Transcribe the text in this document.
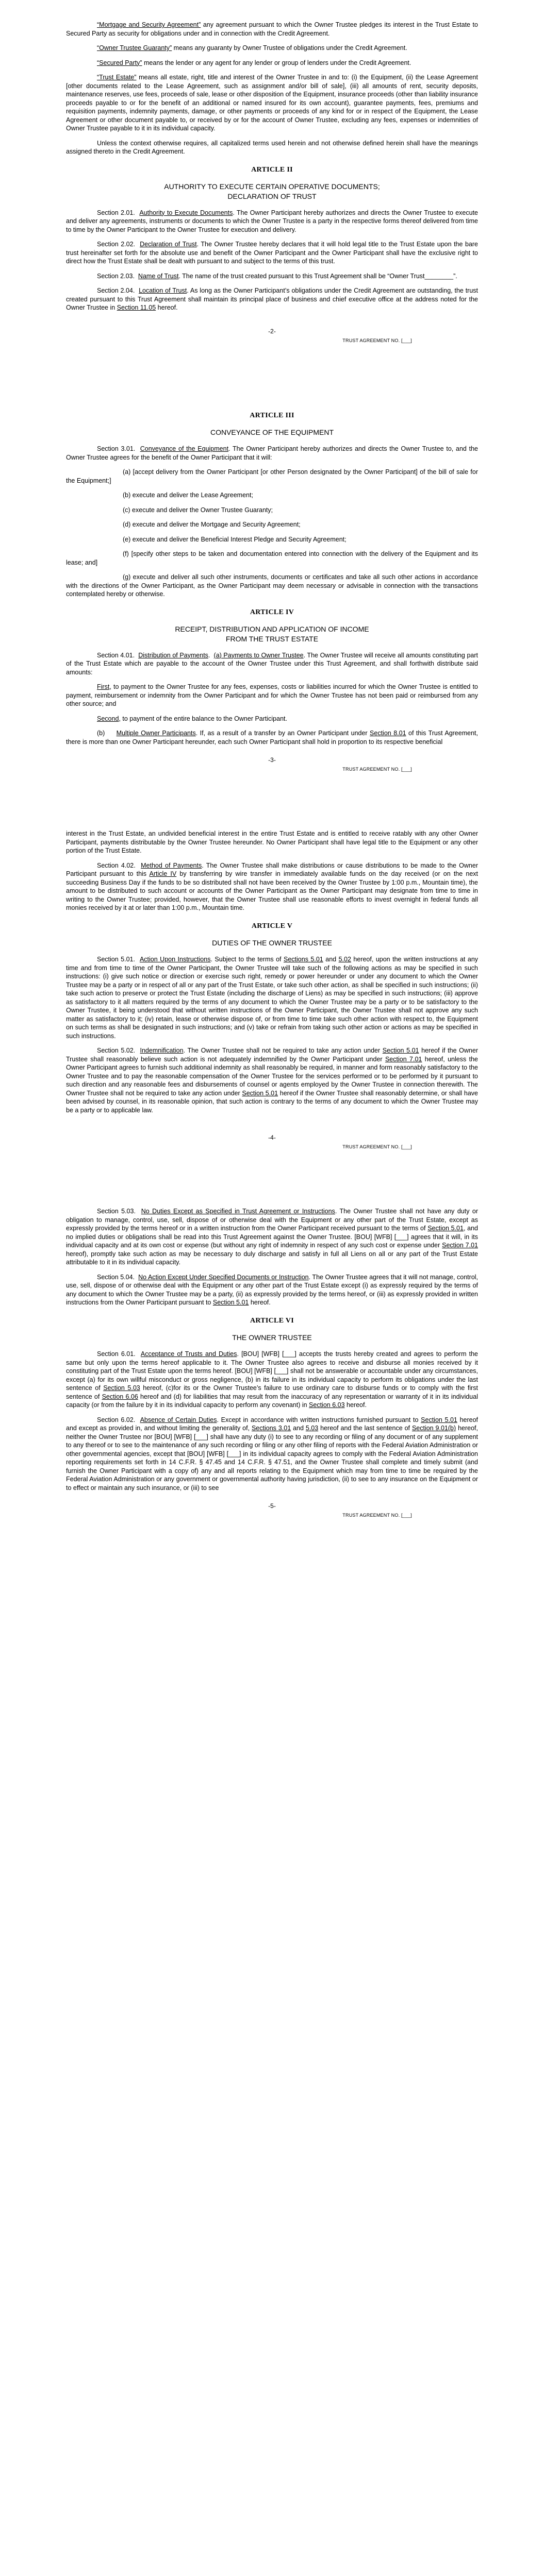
“Mortgage and Security Agreement” any agreement pursuant to which the Owner Trustee pledges its interest in the Trust Estate to Secured Party as security for obligations under and in connection with the Credit Agreement.

“Owner Trustee Guaranty” means any guaranty by Owner Trustee of obligations under the Credit Agreement.

“Secured Party” means the lender or any agent for any lender or group of lenders under the Credit Agreement.

“Trust Estate” means all estate, right, title and interest of the Owner Trustee in and to: (i) the Equipment, (ii) the Lease Agreement [other documents related to the Lease Agreement, such as assignment and/or bill of sale], (iii) all amounts of rent, security deposits, maintenance reserves, use fees, proceeds of sale, lease or other disposition of the Equipment, insurance proceeds (other than liability insurance proceeds payable to or for the benefit of an additional or named insured for its own account), guarantee payments, fees, premiums and requisition payments, indemnity payments, damage, or other payments or proceeds of any kind for or in respect of the Equipment, the Lease Agreement or other document payable to, or received by or for the account of Owner Trustee, excluding any fees, expenses or indemnities of Owner Trustee payable to it in its individual capacity.

Unless the context otherwise requires, all capitalized terms used herein and not otherwise defined herein shall have the meanings assigned thereto in the Credit Agreement.

ARTICLE II
AUTHORITY TO EXECUTE CERTAIN OPERATIVE DOCUMENTS;
DECLARATION OF TRUST

Section 2.01. Authority to Execute Documents. The Owner Participant hereby authorizes and directs the Owner Trustee to execute and deliver any agreements, instruments or documents to which the Owner Trustee is a party in the respective forms thereof delivered from time to time by the Owner Participant to the Owner Trustee for execution and delivery.

Section 2.02. Declaration of Trust. The Owner Trustee hereby declares that it will hold legal title to the Trust Estate upon the bare trust hereinafter set forth for the absolute use and benefit of the Owner Participant and the Owner Participant shall have the exclusive right to direct how the Trust Estate shall be dealt with pursuant to and subject to the terms of this trust.

Section 2.03. Name of Trust. The name of the trust created pursuant to this Trust Agreement shall be “Owner Trust________”.

Section 2.04. Location of Trust. As long as the Owner Participant’s obligations under the Credit Agreement are outstanding, the trust created pursuant to this Trust Agreement shall maintain its principal place of business and chief executive office at the address noted for the Owner Trustee in Section 11.05 hereof.

-2-
TRUST AGREEMENT NO. [___]
ARTICLE III
CONVEYANCE OF THE EQUIPMENT

Section 3.01. Conveyance of the Equipment. The Owner Participant hereby authorizes and directs the Owner Trustee to, and the Owner Trustee agrees for the benefit of the Owner Participant that it will:

(a) [accept delivery from the Owner Participant [or other Person designated by the Owner Participant] of the bill of sale for the Equipment;]

(b) execute and deliver the Lease Agreement;

(c) execute and deliver the Owner Trustee Guaranty;

(d) execute and deliver the Mortgage and Security Agreement;

(e) execute and deliver the Beneficial Interest Pledge and Security Agreement;

(f) [specify other steps to be taken and documentation entered into connection with the delivery of the Equipment and its lease; and]

(g) execute and deliver all such other instruments, documents or certificates and take all such other actions in accordance with the directions of the Owner Participant, as the Owner Participant may deem necessary or advisable in connection with the transactions contemplated hereby or otherwise.

ARTICLE IV
RECEIPT, DISTRIBUTION AND APPLICATION OF INCOME
FROM THE TRUST ESTATE

Section 4.01. Distribution of Payments.  (a) Payments to Owner Trustee. The Owner Trustee will receive all amounts constituting part of the Trust Estate which are payable to the account of the Owner Trustee under this Trust Agreement, and shall forthwith distribute said amounts:

First, to payment to the Owner Trustee for any fees, expenses, costs or liabilities incurred for which the Owner Trustee is entitled to payment, reimbursement or indemnity from the Owner Participant and for which the Owner Trustee has not been paid or reimbursed from any other source; and

Second, to payment of the entire balance to the Owner Participant.

(b) Multiple Owner Participants. If, as a result of a transfer by an Owner Participant under Section 8.01 of this Trust Agreement, there is more than one Owner Participant hereunder, each such Owner Participant shall hold in proportion to its respective beneficial

-3-
TRUST AGREEMENT NO. [___]

interest in the Trust Estate, an undivided beneficial interest in the entire Trust Estate and is entitled to receive ratably with any other Owner Participant, payments distributable by the Owner Trustee hereunder. No Owner Participant shall have legal title to the Equipment or any other portion of the Trust Estate.

Section 4.02. Method of Payments. The Owner Trustee shall make distributions or cause distributions to be made to the Owner Participant pursuant to this Article IV by transferring by wire transfer in immediately available funds on the day received (or on the next succeeding Business Day if the funds to be so distributed shall not have been received by the Owner Trustee by 1:00 p.m., Mountain time), the amount to be distributed to such account or accounts of the Owner Participant as the Owner Participant may designate from time to time in writing to the Owner Trustee; provided, however, that the Owner Trustee shall use reasonable efforts to invest overnight in federal funds all monies received by it at or later than 1:00 p.m., Mountain time.

ARTICLE V
DUTIES OF THE OWNER TRUSTEE

Section 5.01. Action Upon Instructions. Subject to the terms of Sections 5.01 and 5.02 hereof, upon the written instructions at any time and from time to time of the Owner Participant, the Owner Trustee will take such of the following actions as may be specified in such instructions: (i) give such notice or direction or exercise such right, remedy or power hereunder or under any document to which the Owner Trustee may be a party or in respect of all or any part of the Trust Estate, or take such other action, as shall be specified in such instructions; (ii) take such action to preserve or protect the Trust Estate (including the discharge of Liens) as may be specified in such instructions; (iii) approve as satisfactory to it all matters required by the terms of any document to which the Owner Trustee may be a party or to be satisfactory to the Owner Trustee, it being understood that without written instructions of the Owner Participant, the Owner Trustee shall not approve any such matter as satisfactory to it; (iv) retain, lease or otherwise dispose of, or from time to time take such other action with respect to, the Equipment on such terms as shall be designated in such instructions; and (v) take or refrain from taking such other action or actions as may be specified in such instructions.

Section 5.02. Indemnification. The Owner Trustee shall not be required to take any action under Section 5.01 hereof if the Owner Trustee shall reasonably believe such action is not adequately indemnified by the Owner Participant under Section 7.01 hereof, unless the Owner Participant agrees to furnish such additional indemnity as shall reasonably be required, in manner and form reasonably satisfactory to the Owner Trustee and to pay the reasonable compensation of the Owner Trustee for the services performed or to be performed by it pursuant to such direction and any reasonable fees and disbursements of counsel or agents employed by the Owner Trustee in connection therewith. The Owner Trustee shall not be required to take any action under Section 5.01 hereof if the Owner Trustee shall reasonably determine, or shall have been advised by counsel, in its reasonable opinion, that such action is contrary to the terms of any document to which the Owner Trustee may be a party or to applicable law.

-4-
TRUST AGREEMENT NO. [___]

Section 5.03. No Duties Except as Specified in Trust Agreement or Instructions. The Owner Trustee shall not have any duty or obligation to manage, control, use, sell, dispose of or otherwise deal with the Equipment or any other part of the Trust Estate, except as expressly provided by the terms hereof or in a written instruction from the Owner Participant received pursuant to the terms of Section 5.01, and no implied duties or obligations shall be read into this Trust Agreement against the Owner Trustee. [BOU] [WFB] [___] agrees that it will, in its individual capacity and at its own cost or expense (but without any right of indemnity in respect of any such cost or expense under Section 7.01 hereof), promptly take such action as may be necessary to duly discharge and satisfy in full all Liens on all or any part of the Trust Estate attributable to it in its individual capacity.

Section 5.04. No Action Except Under Specified Documents or Instruction. The Owner Trustee agrees that it will not manage, control, use, sell, dispose of or otherwise deal with the Equipment or any other part of the Trust Estate except (i) as expressly required by the terms of any document to which the Owner Trustee may be a party, (ii) as expressly provided by the terms hereof, or (iii) as expressly provided in written instructions from the Owner Participant pursuant to Section 5.01 hereof.

ARTICLE VI
THE OWNER TRUSTEE

Section 6.01. Acceptance of Trusts and Duties. [BOU] [WFB] [___] accepts the trusts hereby created and agrees to perform the same but only upon the terms hereof applicable to it. The Owner Trustee also agrees to receive and disburse all monies received by it constituting part of the Trust Estate upon the terms hereof. [BOU] [WFB] [___] shall not be answerable or accountable under any circumstances, except (a) for its own willful misconduct or gross negligence, (b) in its failure in its individual capacity to perform its obligations under the last sentence of Section 5.03 hereof, (c)for its or the Owner Trustee’s failure to use ordinary care to disburse funds or to comply with the first sentence of Section 6.06 hereof and (d) for liabilities that may result from the inaccuracy of any representation or warranty of it in its individual capacity (or from the failure by it in its individual capacity to perform any covenant) in Section 6.03 hereof.

Section 6.02. Absence of Certain Duties. Except in accordance with written instructions furnished pursuant to Section 5.01 hereof and except as provided in, and without limiting the generality of, Sections 3.01 and 5.03 hereof and the last sentence of Section 9.01(b) hereof, neither the Owner Trustee nor [BOU] [WFB] [___] shall have any duty (i) to see to any recording or filing of any document or of any supplement to any thereof or to see to the maintenance of any such recording or filing or any other filing of reports with the Federal Aviation Administration or other governmental agencies, except that [BOU] [WFB] [___] in its individual capacity agrees to comply with the Federal Aviation Administration reporting requirements set forth in 14 C.F.R. § 47.45 and 14 C.F.R. § 47.51, and the Owner Trustee shall complete and timely submit (and furnish the Owner Participant with a copy of) any and all reports relating to the Equipment which may from time to time be required by the Federal Aviation Administration or any government or governmental authority having jurisdiction, (ii) to see to any insurance on the Equipment or to effect or maintain any such insurance, or (iii) to see

-5-
TRUST AGREEMENT NO. [___]
